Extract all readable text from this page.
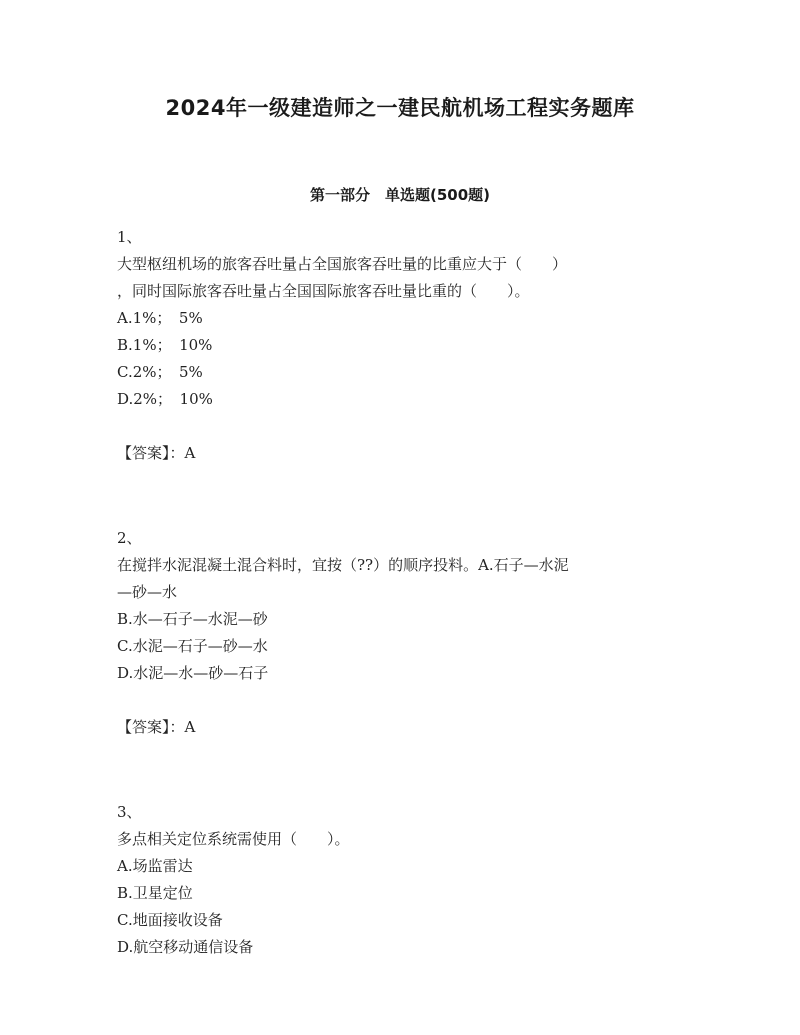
2024年一级建造师之一建民航机场工程实务题库
第一部分　单选题(500题)
1、
大型枢纽机场的旅客吞吐量占全国旅客吞吐量的比重应大于（　　）
，同时国际旅客吞吐量占全国国际旅客吞吐量比重的（　　）。
A.1%；　5%
B.1%；　10%
C.2%；　5%
D.2%；　10%
【答案】：A
2、
在搅拌水泥混凝土混合料时，宜按（??）的顺序投料。A.石子—水泥
—砂—水
B.水—石子—水泥—砂
C.水泥—石子—砂—水
D.水泥—水—砂—石子
【答案】：A
3、
多点相关定位系统需使用（　　）。
A.场监雷达
B.卫星定位
C.地面接收设备
D.航空移动通信设备
